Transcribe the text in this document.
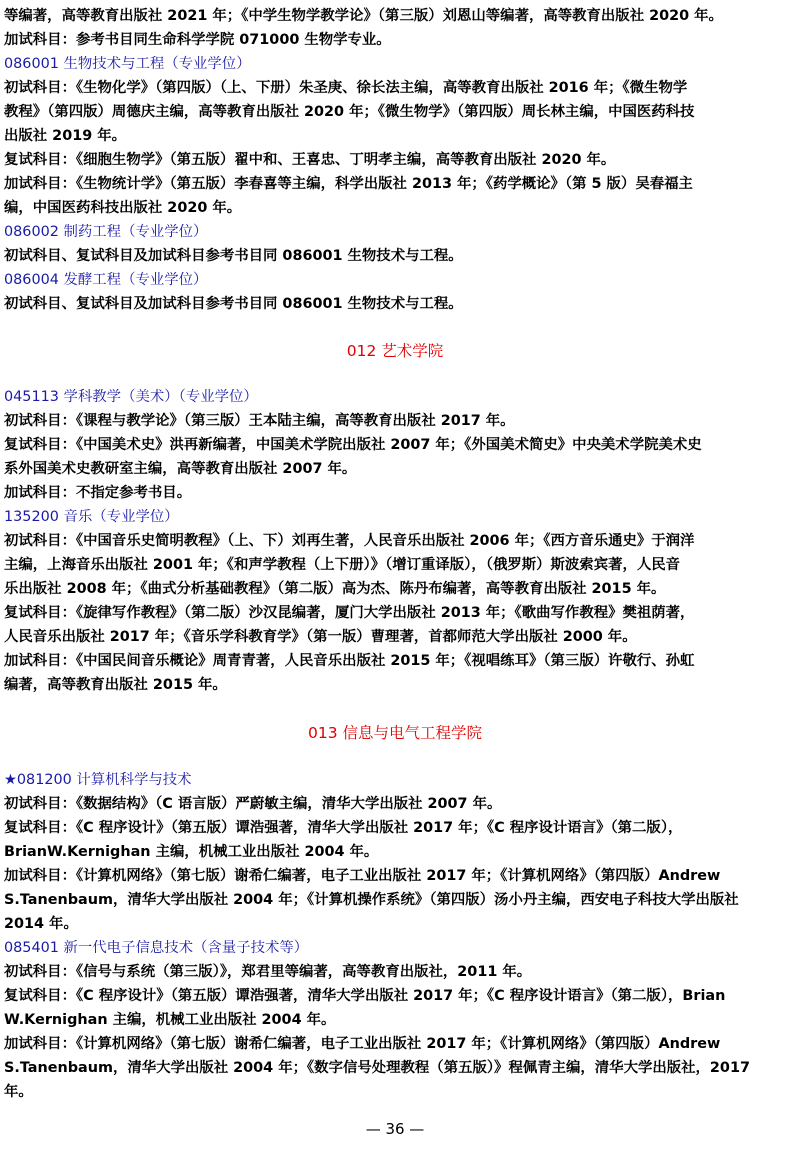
等编著，高等教育出版社 2021 年；《中学生物学教学论》（第三版）刘恩山等编著，高等教育出版社 2020 年。
加试科目：参考书目同生命科学学院 071000 生物学专业。
086001 生物技术与工程（专业学位）
初试科目：《生物化学》（第四版）（上、下册）朱圣庚、徐长法主编，高等教育出版社 2016 年；《微生物学
教程》（第四版）周德庆主编，高等教育出版社 2020 年；《微生物学》（第四版）周长林主编，中国医药科技
出版社 2019 年。
复试科目：《细胞生物学》（第五版）翟中和、王喜忠、丁明孝主编，高等教育出版社 2020 年。
加试科目：《生物统计学》（第五版）李春喜等主编，科学出版社 2013 年；《药学概论》（第 5 版）吴春福主
编，中国医药科技出版社 2020 年。
086002 制药工程（专业学位）
初试科目、复试科目及加试科目参考书目同 086001 生物技术与工程。
086004 发酵工程（专业学位）
初试科目、复试科目及加试科目参考书目同 086001 生物技术与工程。
012 艺术学院
045113 学科教学（美术）（专业学位）
初试科目：《课程与教学论》（第三版）王本陆主编，高等教育出版社 2017 年。
复试科目：《中国美术史》洪再新编著，中国美术学院出版社 2007 年；《外国美术简史》中央美术学院美术史
系外国美术史教研室主编，高等教育出版社 2007 年。
加试科目：不指定参考书目。
135200 音乐（专业学位）
初试科目：《中国音乐史简明教程》（上、下）刘再生著，人民音乐出版社 2006 年；《西方音乐通史》于润洋
主编，上海音乐出版社 2001 年；《和声学教程（上下册）》（增订重译版），（俄罗斯）斯波索宾著，人民音
乐出版社 2008 年；《曲式分析基础教程》（第二版）高为杰、陈丹布编著，高等教育出版社 2015 年。
复试科目：《旋律写作教程》（第二版）沙汉昆编著，厦门大学出版社 2013 年；《歌曲写作教程》樊祖荫著，
人民音乐出版社 2017 年；《音乐学科教育学》（第一版）曹理著，首都师范大学出版社 2000 年。
加试科目：《中国民间音乐概论》周青青著，人民音乐出版社 2015 年；《视唱练耳》（第三版）许敬行、孙虹
编著，高等教育出版社 2015 年。
013 信息与电气工程学院
★081200 计算机科学与技术
初试科目：《数据结构》（C 语言版）严蔚敏主编，清华大学出版社 2007 年。
复试科目：《C 程序设计》（第五版）谭浩强著，清华大学出版社 2017 年；《C 程序设计语言》（第二版），
BrianW.Kernighan 主编，机械工业出版社 2004 年。
加试科目：《计算机网络》（第七版）谢希仁编著，电子工业出版社 2017 年；《计算机网络》（第四版）Andrew
S.Tanenbaum，清华大学出版社 2004 年；《计算机操作系统》（第四版）汤小丹主编，西安电子科技大学出版社
2014 年。
085401 新一代电子信息技术（含量子技术等）
初试科目：《信号与系统（第三版）》，郑君里等编著，高等教育出版社，2011 年。
复试科目：《C 程序设计》（第五版）谭浩强著，清华大学出版社 2017 年；《C 程序设计语言》（第二版），Brian
W.Kernighan 主编，机械工业出版社 2004 年。
加试科目：《计算机网络》（第七版）谢希仁编著，电子工业出版社 2017 年；《计算机网络》（第四版）Andrew
S.Tanenbaum，清华大学出版社 2004 年；《数字信号处理教程（第五版）》程佩青主编，清华大学出版社，2017
年。
— 36 —
